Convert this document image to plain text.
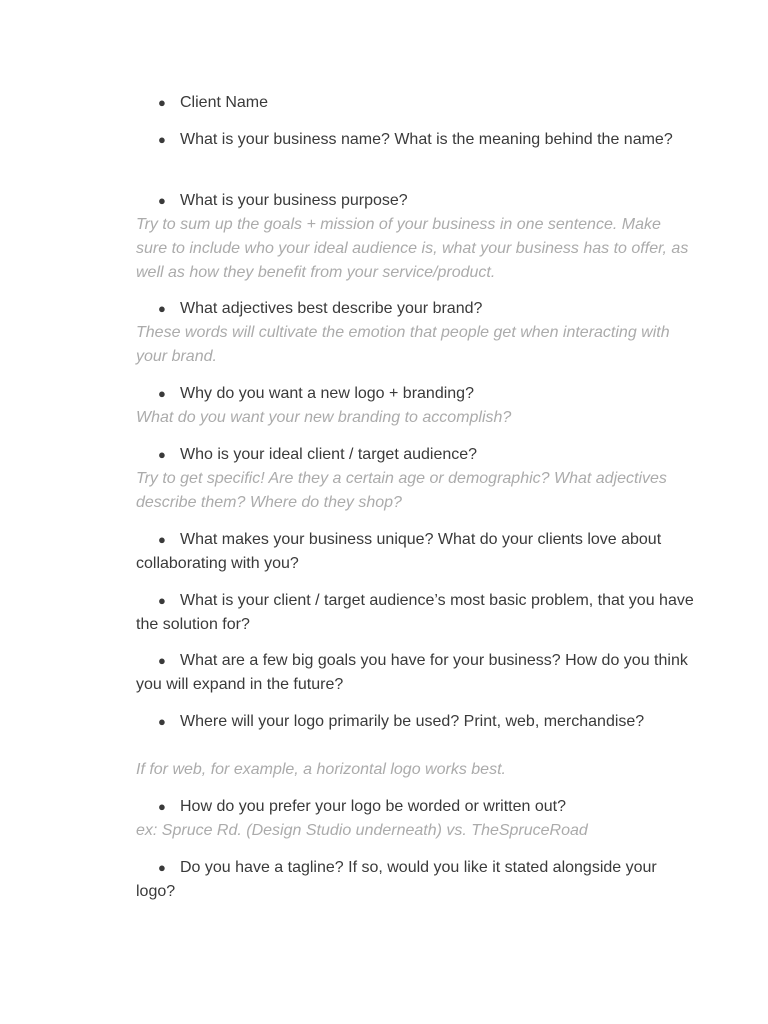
● Client Name

● What is your business name? What is the meaning behind the name?

● What is your business purpose?

Try to sum up the goals + mission of your business in one sentence. Make sure to include who your ideal audience is, what your business has to offer, as well as how they benefit from your service/product.

● What adjectives best describe your brand?

These words will cultivate the emotion that people get when interacting with your brand.

● Why do you want a new logo + branding?

What do you want your new branding to accomplish?

● Who is your ideal client / target audience?

Try to get specific! Are they a certain age or demographic? What adjectives describe them? Where do they shop?

● What makes your business unique? What do your clients love about collaborating with you?

● What is your client / target audience’s most basic problem, that you have the solution for?

● What are a few big goals you have for your business? How do you think you will expand in the future?

● Where will your logo primarily be used? Print, web, merchandise?

If for web, for example, a horizontal logo works best.

● How do you prefer your logo be worded or written out?

ex: Spruce Rd. (Design Studio underneath) vs. TheSpruceRoad

● Do you have a tagline? If so, would you like it stated alongside your logo?
